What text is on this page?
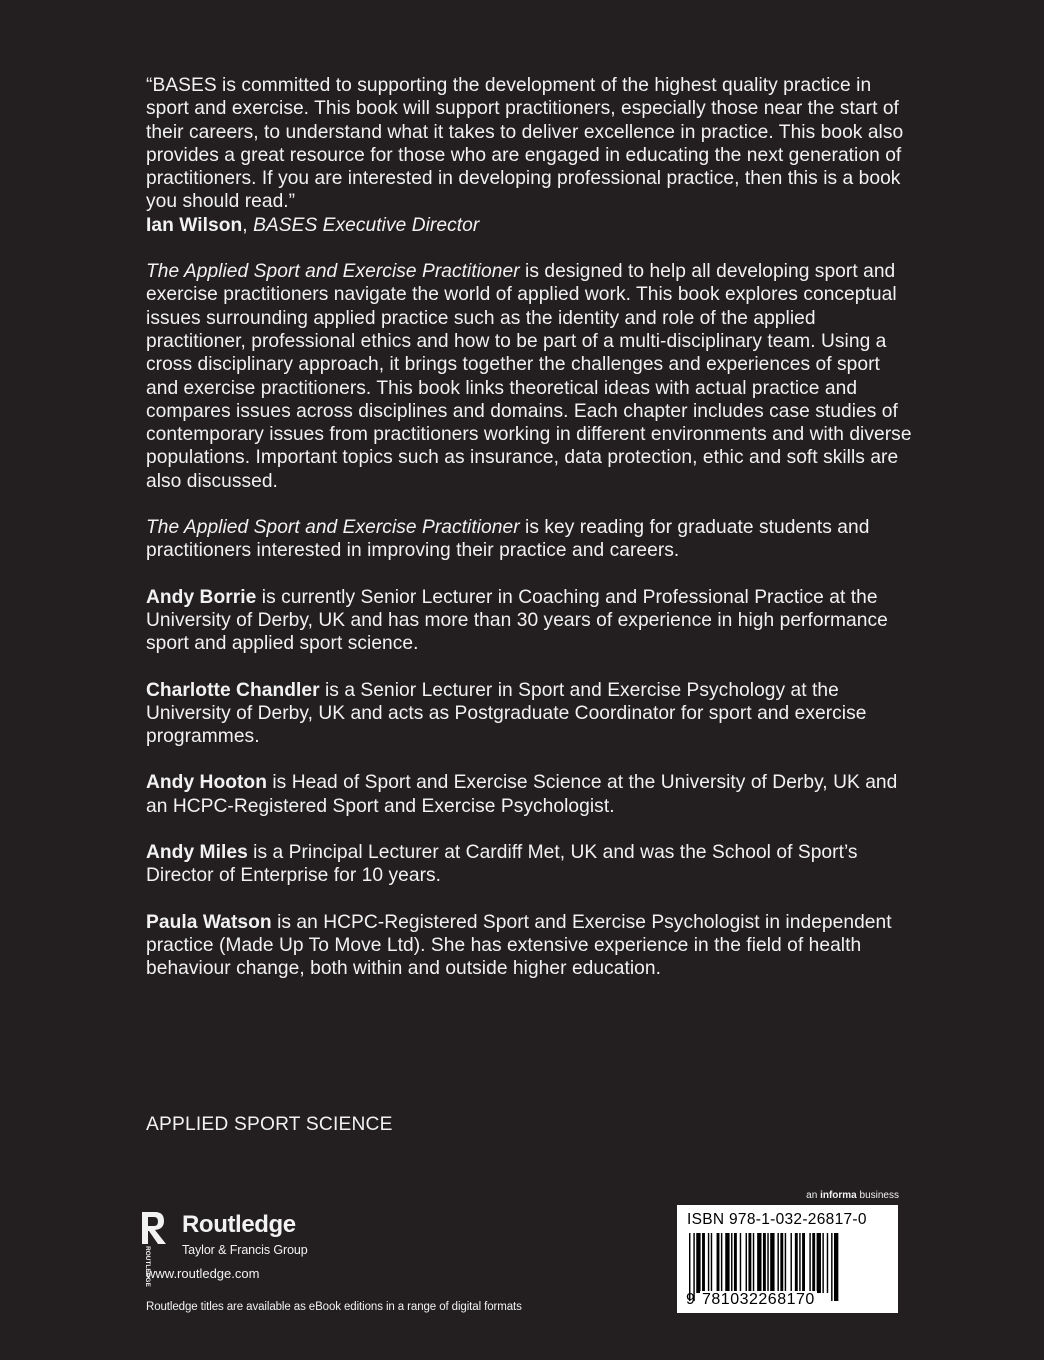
“BASES is committed to supporting the development of the highest quality practice in sport and exercise. This book will support practitioners, especially those near the start of their careers, to understand what it takes to deliver excellence in practice. This book also provides a great resource for those who are engaged in educating the next generation of practitioners. If you are interested in developing professional practice, then this is a book you should read.”
Ian Wilson, BASES Executive Director

The Applied Sport and Exercise Practitioner is designed to help all developing sport and exercise practitioners navigate the world of applied work. This book explores conceptual issues surrounding applied practice such as the identity and role of the applied practitioner, professional ethics and how to be part of a multi-disciplinary team. Using a cross disciplinary approach, it brings together the challenges and experiences of sport and exercise practitioners. This book links theoretical ideas with actual practice and compares issues across disciplines and domains. Each chapter includes case studies of contemporary issues from practitioners working in different environments and with diverse populations. Important topics such as insurance, data protection, ethic and soft skills are also discussed.

The Applied Sport and Exercise Practitioner is key reading for graduate students and practitioners interested in improving their practice and careers.

Andy Borrie is currently Senior Lecturer in Coaching and Professional Practice at the University of Derby, UK and has more than 30 years of experience in high performance sport and applied sport science.

Charlotte Chandler is a Senior Lecturer in Sport and Exercise Psychology at the University of Derby, UK and acts as Postgraduate Coordinator for sport and exercise programmes.

Andy Hooton is Head of Sport and Exercise Science at the University of Derby, UK and an HCPC-Registered Sport and Exercise Psychologist.

Andy Miles is a Principal Lecturer at Cardiff Met, UK and was the School of Sport’s Director of Enterprise for 10 years.

Paula Watson is an HCPC-Registered Sport and Exercise Psychologist in independent practice (Made Up To Move Ltd). She has extensive experience in the field of health behaviour change, both within and outside higher education.

APPLIED SPORT SCIENCE
ROUTLEDGE
Routledge
Taylor & Francis Group
www.routledge.com
Routledge titles are available as eBook editions in a range of digital formats
an informa business
ISBN 978-1-032-26817-0
9 781032268170
